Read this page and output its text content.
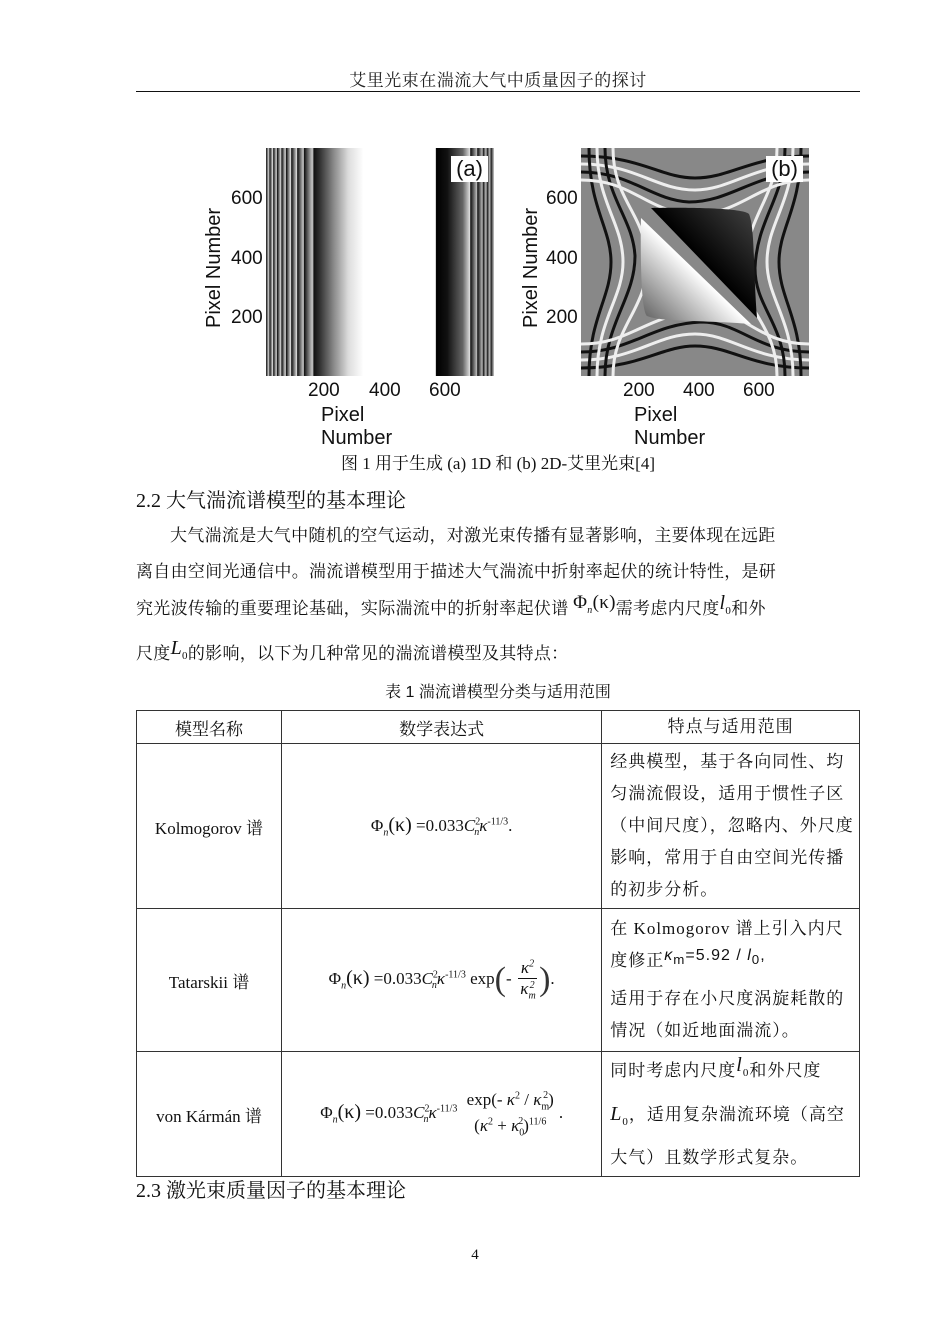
艾里光束在湍流大气中质量因子的探讨
(a)
600
400
200
200 400 600
Pixel Number
Pixel Number
(b)
600
400
200
200 400 600
Pixel Number
Pixel Number
图 1 用于生成 (a) 1D 和 (b) 2D-艾里光束[4]
2.2 大气湍流谱模型的基本理论
大气湍流是大气中随机的空气运动，对激光束传播有显著影响，主要体现在远距
离自由空间光通信中。湍流谱模型用于描述大气湍流中折射率起伏的统计特性，是研
究光波传输的重要理论基础，实际湍流中的折射率起伏谱 $\Phi_n(\kappa)$需考虑内尺度$l_0$和外
尺度$L_0$的影响，以下为几种常见的湍流谱模型及其特点：
表 1 湍流谱模型分类与适用范围
模型名称	数学表达式	特点与适用范围
Kolmogorov 谱	$\Phi_n(\kappa) =0.033C^2_n\kappa^{-11/3}$.	经典模型，基于各向同性、均匀湍流假设，适用于惯性子区（中间尺度），忽略内、外尺度影响，常用于自由空间光传播的初步分析。
Tatarskii 谱	$\Phi_n(\kappa) =0.033C^2_n\kappa^{-11/3}$ $\exp(- \frac{\kappa^2}{\kappa_m^2}$ ).	在 Kolmogorov 谱上引入内尺度修正$\kappa_m=5.92 / l_0$,
适用于存在小尺度涡旋耗散的情况（如近地面湍流）。
von Kármán 谱	$\Phi_n(\kappa) =0.033C^2_n\kappa^{-11/3}$
exp(- $\kappa^2 / \kappa_m^2$)
$(\kappa^2 + \kappa_0^2)^{11/6}$ .	同时考虑内尺度$l_0$和外尺度
$L_0$，适用复杂湍流环境（高空大气）且数学形式复杂。
2.3 激光束质量因子的基本理论
4
